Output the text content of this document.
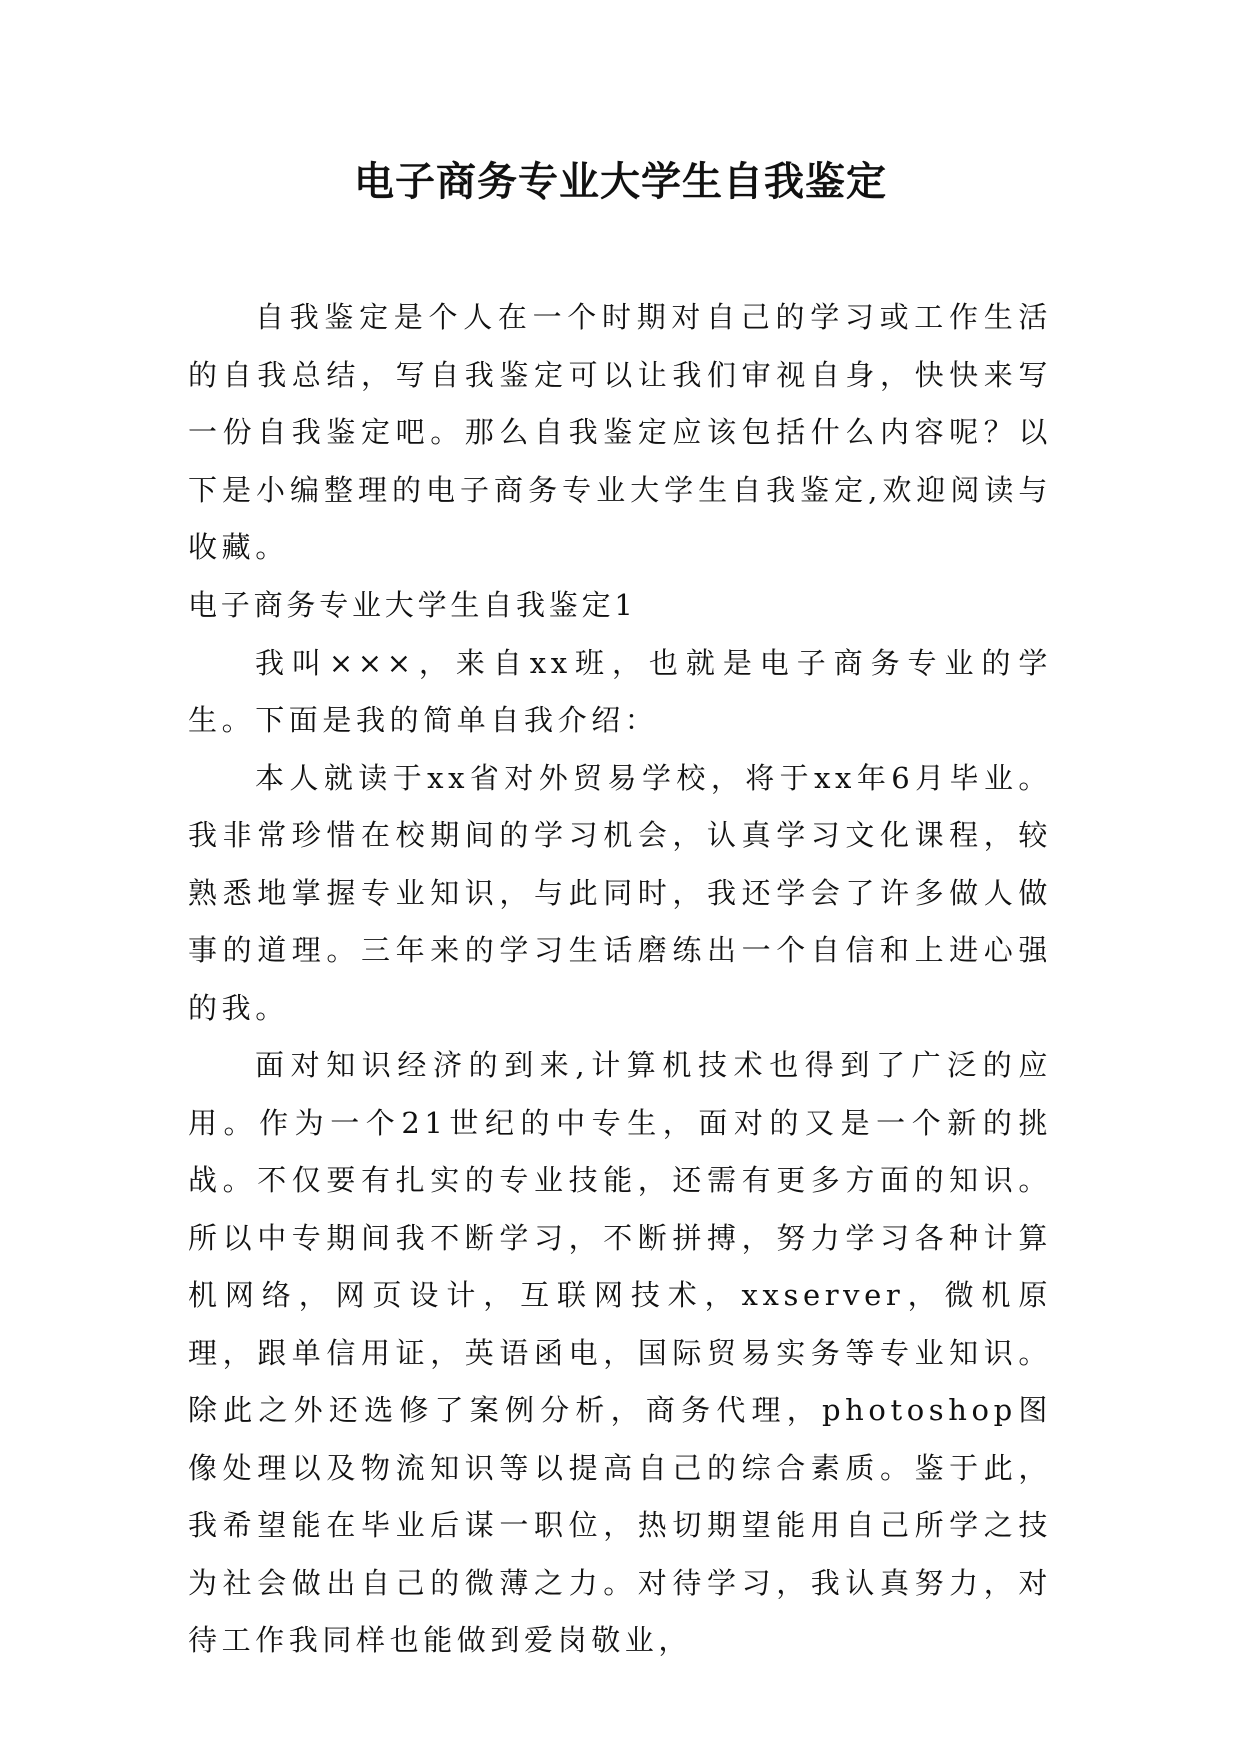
电子商务专业大学生自我鉴定

自我鉴定是个人在一个时期对自己的学习或工作生活的自我总结，写自我鉴定可以让我们审视自身，快快来写一份自我鉴定吧。那么自我鉴定应该包括什么内容呢？以下是小编整理的电子商务专业大学生自我鉴定,欢迎阅读与收藏。

电子商务专业大学生自我鉴定1

我叫×××，来自xx班，也就是电子商务专业的学生。下面是我的简单自我介绍：

本人就读于xx省对外贸易学校，将于xx年6月毕业。我非常珍惜在校期间的学习机会，认真学习文化课程，较熟悉地掌握专业知识，与此同时，我还学会了许多做人做事的道理。三年来的学习生话磨练出一个自信和上进心强的我。

面对知识经济的到来,计算机技术也得到了广泛的应用。作为一个21世纪的中专生，面对的又是一个新的挑战。不仅要有扎实的专业技能，还需有更多方面的知识。所以中专期间我不断学习，不断拼搏，努力学习各种计算机网络，网页设计，互联网技术，xxserver，微机原理，跟单信用证，英语函电，国际贸易实务等专业知识。除此之外还选修了案例分析，商务代理，photoshop图像处理以及物流知识等以提高自己的综合素质。鉴于此，我希望能在毕业后谋一职位，热切期望能用自己所学之技为社会做出自己的微薄之力。对待学习，我认真努力，对待工作我同样也能做到爱岗敬业，
